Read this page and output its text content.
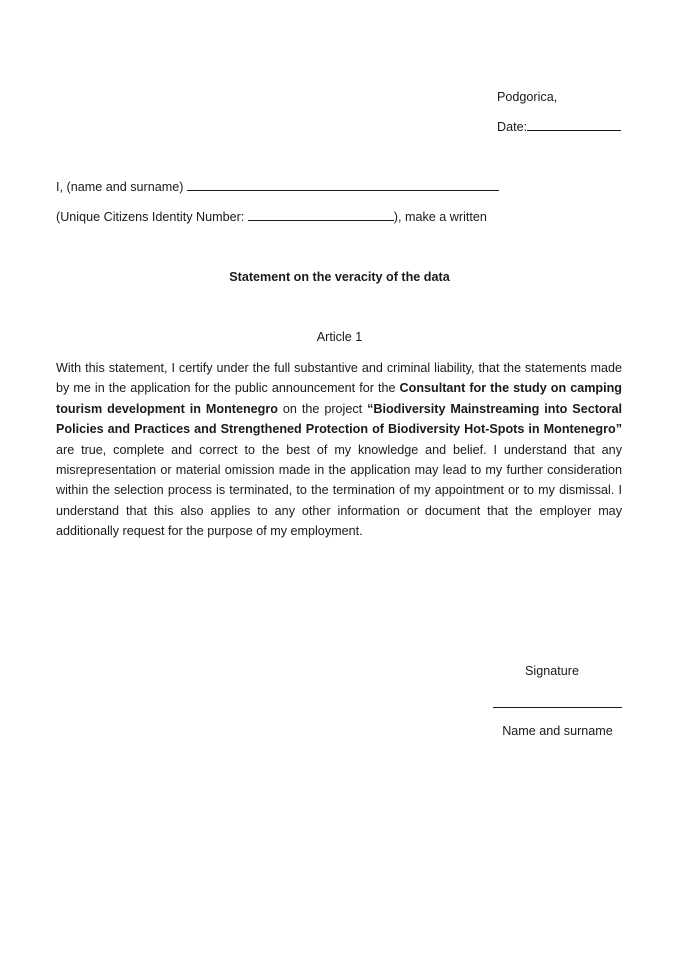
Podgorica,
Date:
I, (name and surname)
(Unique Citizens Identity Number:	), make a written
Statement on the veracity of the data
Article 1
With this statement, I certify under the full substantive and criminal liability, that the statements made by me in the application for the public announcement for the Consultant for the study on camping tourism development in Montenegro on the project “Biodiversity Mainstreaming into Sectoral Policies and Practices and Strengthened Protection of Biodiversity Hot-Spots in Montenegro” are true, complete and correct to the best of my knowledge and belief. I understand that any misrepresentation or material omission made in the application may lead to my further consideration within the selection process is terminated, to the termination of my appointment or to my dismissal. I understand that this also applies to any other information or document that the employer may additionally request for the purpose of my employment.
Signature
Name and surname
